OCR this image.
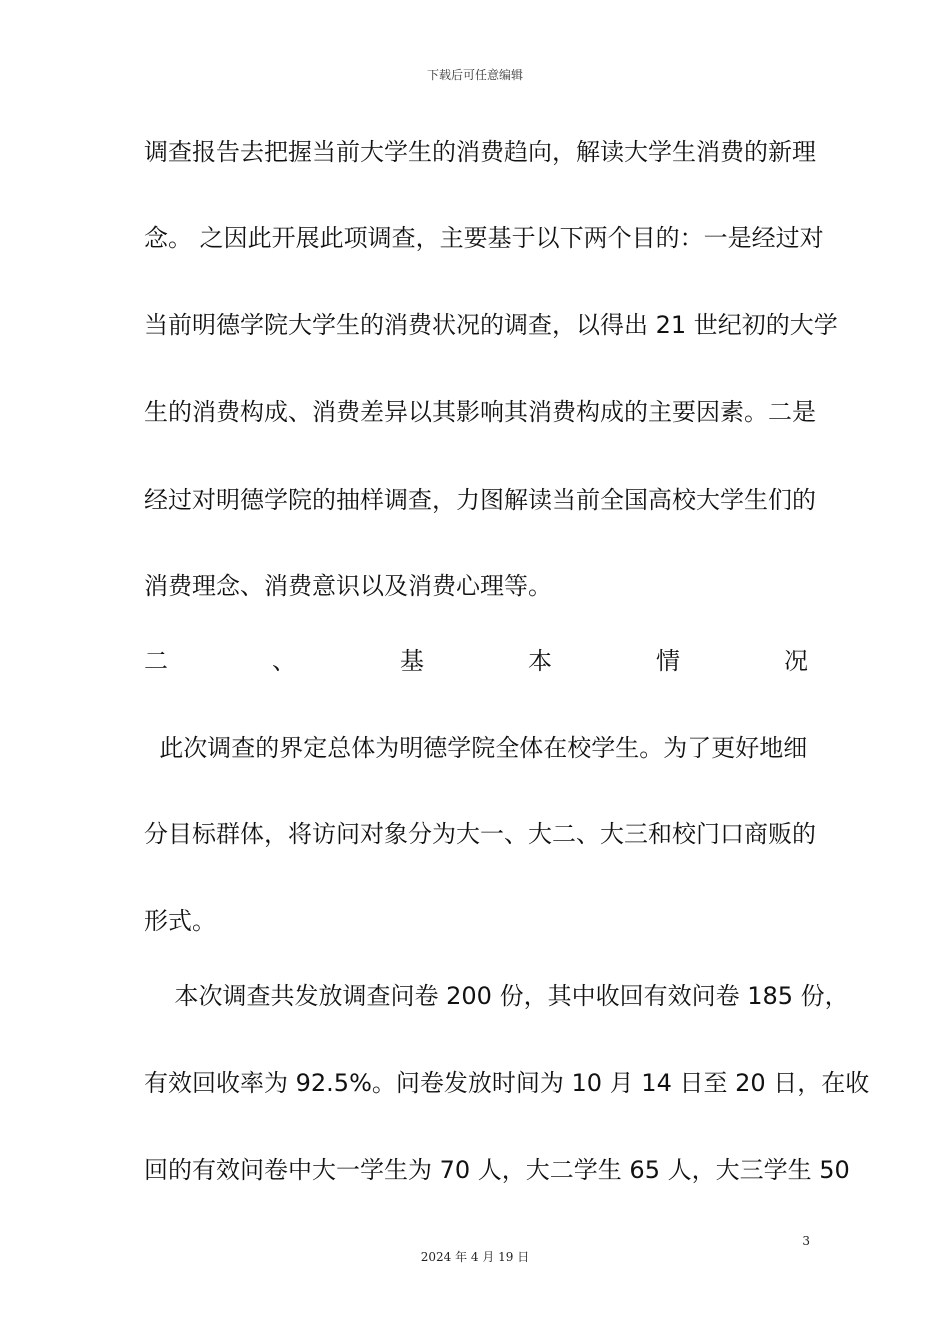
下载后可任意编辑
调查报告去把握当前大学生的消费趋向，解读大学生消费的新理
念。 之因此开展此项调查，主要基于以下两个目的：一是经过对
当前明德学院大学生的消费状况的调查，以得出 21 世纪初的大学
生的消费构成、消费差异以其影响其消费构成的主要因素。二是
经过对明德学院的抽样调查，力图解读当前全国高校大学生们的
消费理念、消费意识以及消费心理等。
二	、	基	本	情	况
此次调查的界定总体为明德学院全体在校学生。为了更好地细
分目标群体，将访问对象分为大一、大二、大三和校门口商贩的
形式。
本次调查共发放调查问卷 200 份，其中收回有效问卷 185 份，
有效回收率为 92.5%。问卷发放时间为 10 月 14 日至 20 日，在收
回的有效问卷中大一学生为 70 人，大二学生 65 人，大三学生 50
3
2024 年 4 月 19 日
